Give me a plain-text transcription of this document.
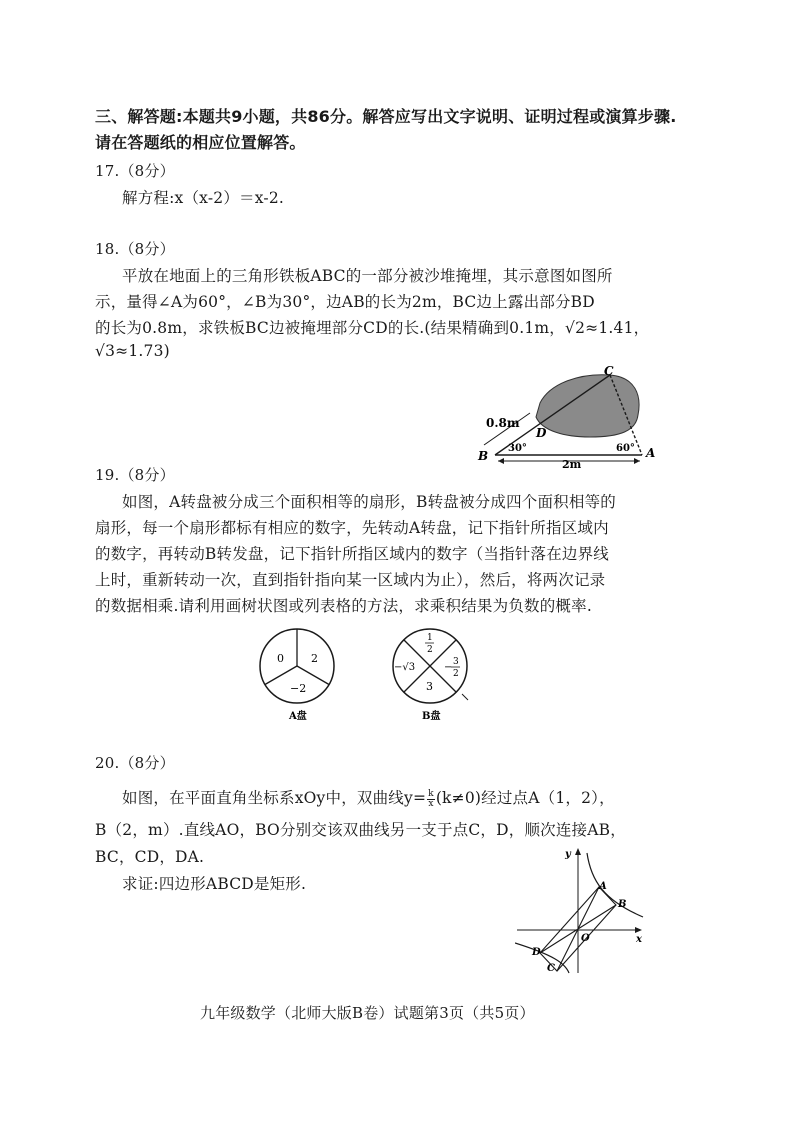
三、解答题:本题共9小题，共86分。解答应写出文字说明、证明过程或演算步骤.
请在答题纸的相应位置解答。
17.（8分）
解方程:x（x-2）＝x-2.
18.（8分）
平放在地面上的三角形铁板ABC的一部分被沙堆掩埋，其示意图如图所
示，量得∠A为60°，∠B为30°，边AB的长为2m，BC边上露出部分BD
的长为0.8m，求铁板BC边被掩埋部分CD的长.(结果精确到0.1m，√2≈1.41，
√3≈1.73)
C
D
B	A
0.8m
30°	60°
2m
19.（8分）
如图，A转盘被分成三个面积相等的扇形，B转盘被分成四个面积相等的
扇形，每一个扇形都标有相应的数字，先转动A转盘，记下指针所指区域内
的数字，再转动B转发盘，记下指针所指区域内的数字（当指针落在边界线
上时，重新转动一次，直到指针指向某一区域内为止），然后，将两次记录
的数据相乘.请利用画树状图或列表格的方法，求乘积结果为负数的概率.
0 2
−2
A盘
1
2
−√3	− 3
2
3
B盘
20.（8分）
如图，在平面直角坐标系xOy中，双曲线$y= \frac{k}{x} (k\ne 0)$经过点A（1，2），
B（2，m）.直线AO，BO分别交该双曲线另一支于点C，D，顺次连接AB，
BC，CD，DA.
求证:四边形ABCD是矩形.
y
x
A
B
O
C
D
九年级数学（北师大版B卷）试题第3页（共5页）
